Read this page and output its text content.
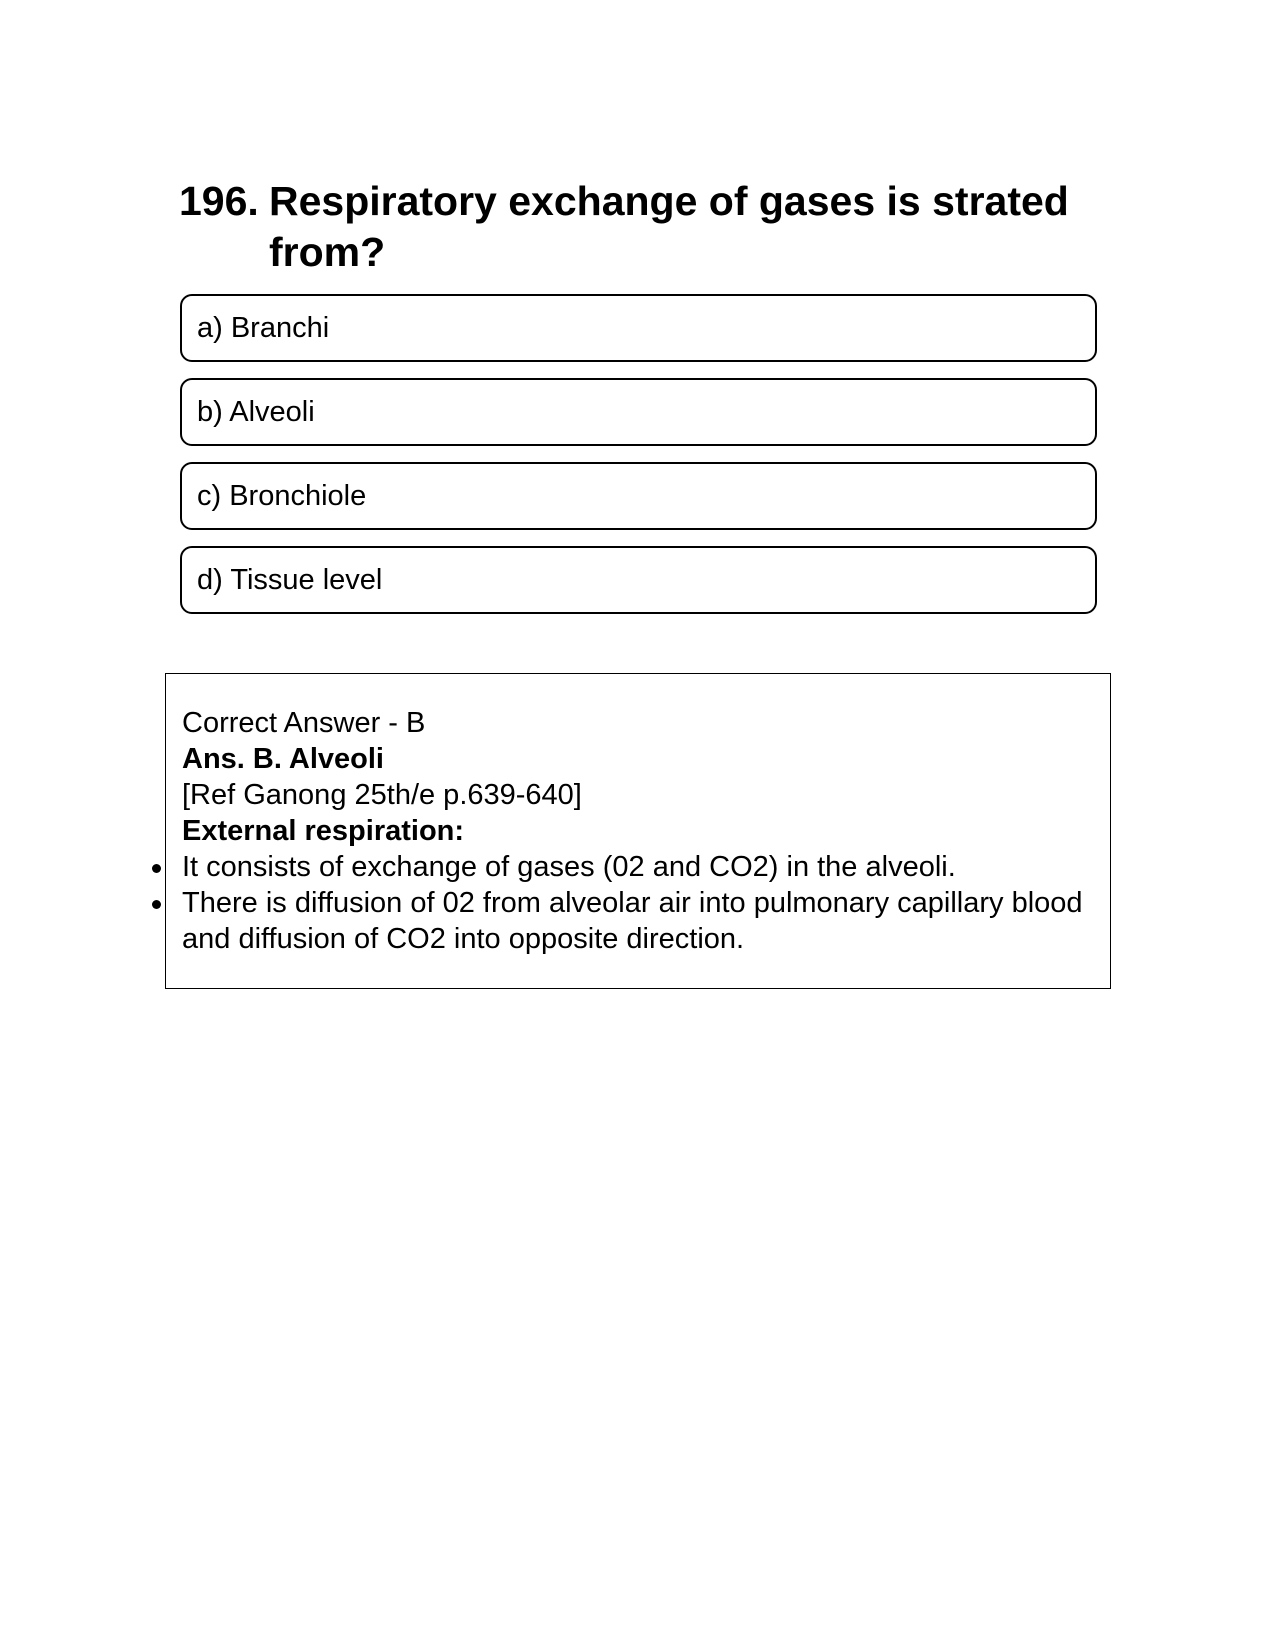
196. Respiratory exchange of gases is strated from?
a) Branchi
b) Alveoli
c) Bronchiole
d) Tissue level
Correct Answer - B
Ans. B. Alveoli
[Ref Ganong 25th/e p.639-640]
External respiration:
It consists of exchange of gases (02 and CO2) in the alveoli.
There is diffusion of 02 from alveolar air into pulmonary capillary blood and diffusion of CO2 into opposite direction.
